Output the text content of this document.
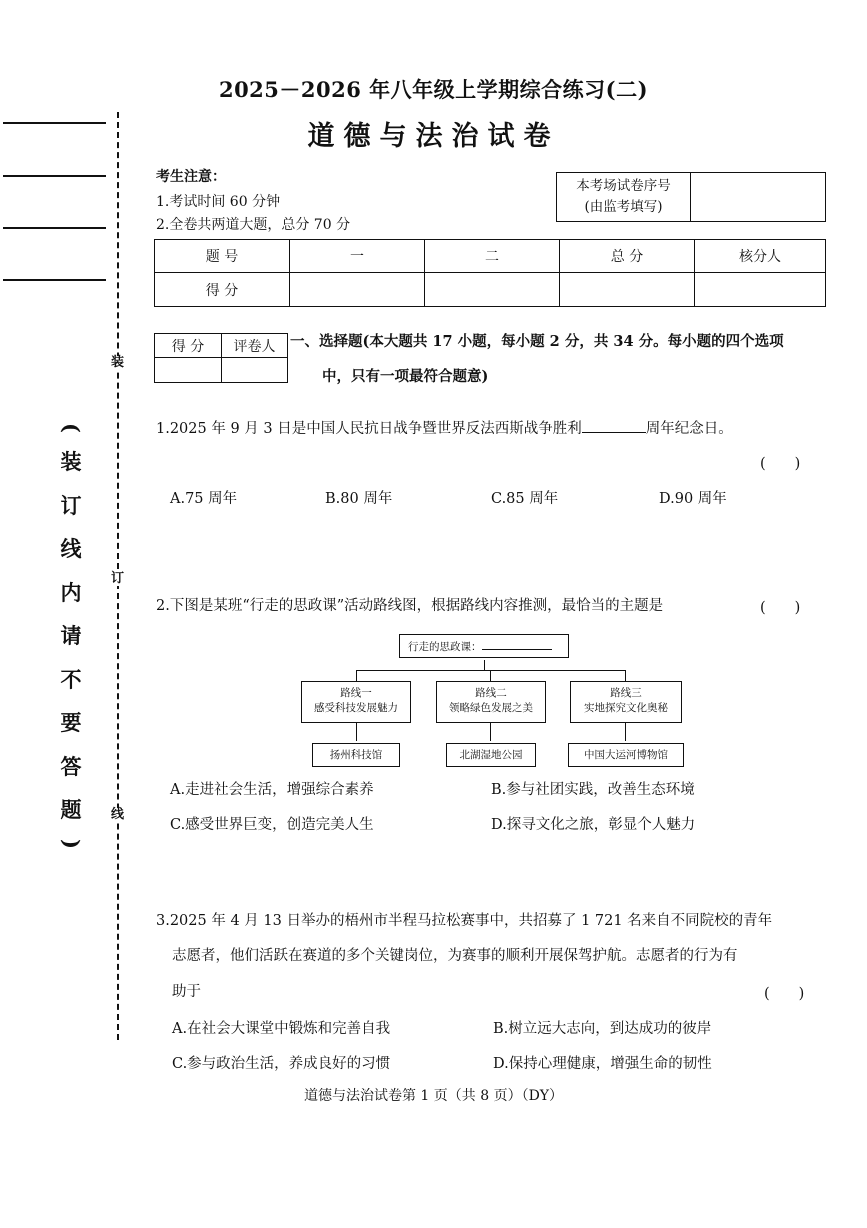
装
订
线
(
装
订
线
内
请
不
要
答
题
)
2025－2026 年八年级上学期综合练习(二)
道德与法治试卷
考生注意：
1.考试时间 60 分钟
2.全卷共两道大题，总分 70 分
本考场试卷序号
(由监考填写)	
题 号	一	二	总 分	核分人
得 分				
得 分	评卷人
	一、选择题(本大题共 17 小题，每小题 2 分，共 34 分。每小题的四个选项
中，只有一项最符合题意)
1.2025 年 9 月 3 日是中国人民抗日战争暨世界反法西斯战争胜利	周年纪念日。
(　　)
A.75 周年	B.80 周年	C.85 周年	D.90 周年
2.下图是某班“行走的思政课”活动路线图，根据路线内容推测，最恰当的主题是	(　　)
行走的思政课：
路线一
感受科技发展魅力
路线二
领略绿色发展之美
路线三
实地探究文化奥秘
扬州科技馆	北湖湿地公园	中国大运河博物馆
A.走进社会生活，增强综合素养	B.参与社团实践，改善生态环境
C.感受世界巨变，创造完美人生	D.探寻文化之旅，彰显个人魅力
3.2025 年 4 月 13 日举办的梧州市半程马拉松赛事中，共招募了 1 721 名来自不同院校的青年
志愿者，他们活跃在赛道的多个关键岗位，为赛事的顺利开展保驾护航。志愿者的行为有
助于	(　　)
A.在社会大课堂中锻炼和完善自我	B.树立远大志向，到达成功的彼岸
C.参与政治生活，养成良好的习惯	D.保持心理健康，增强生命的韧性
道德与法治试卷第 1 页（共 8 页）（DY）
